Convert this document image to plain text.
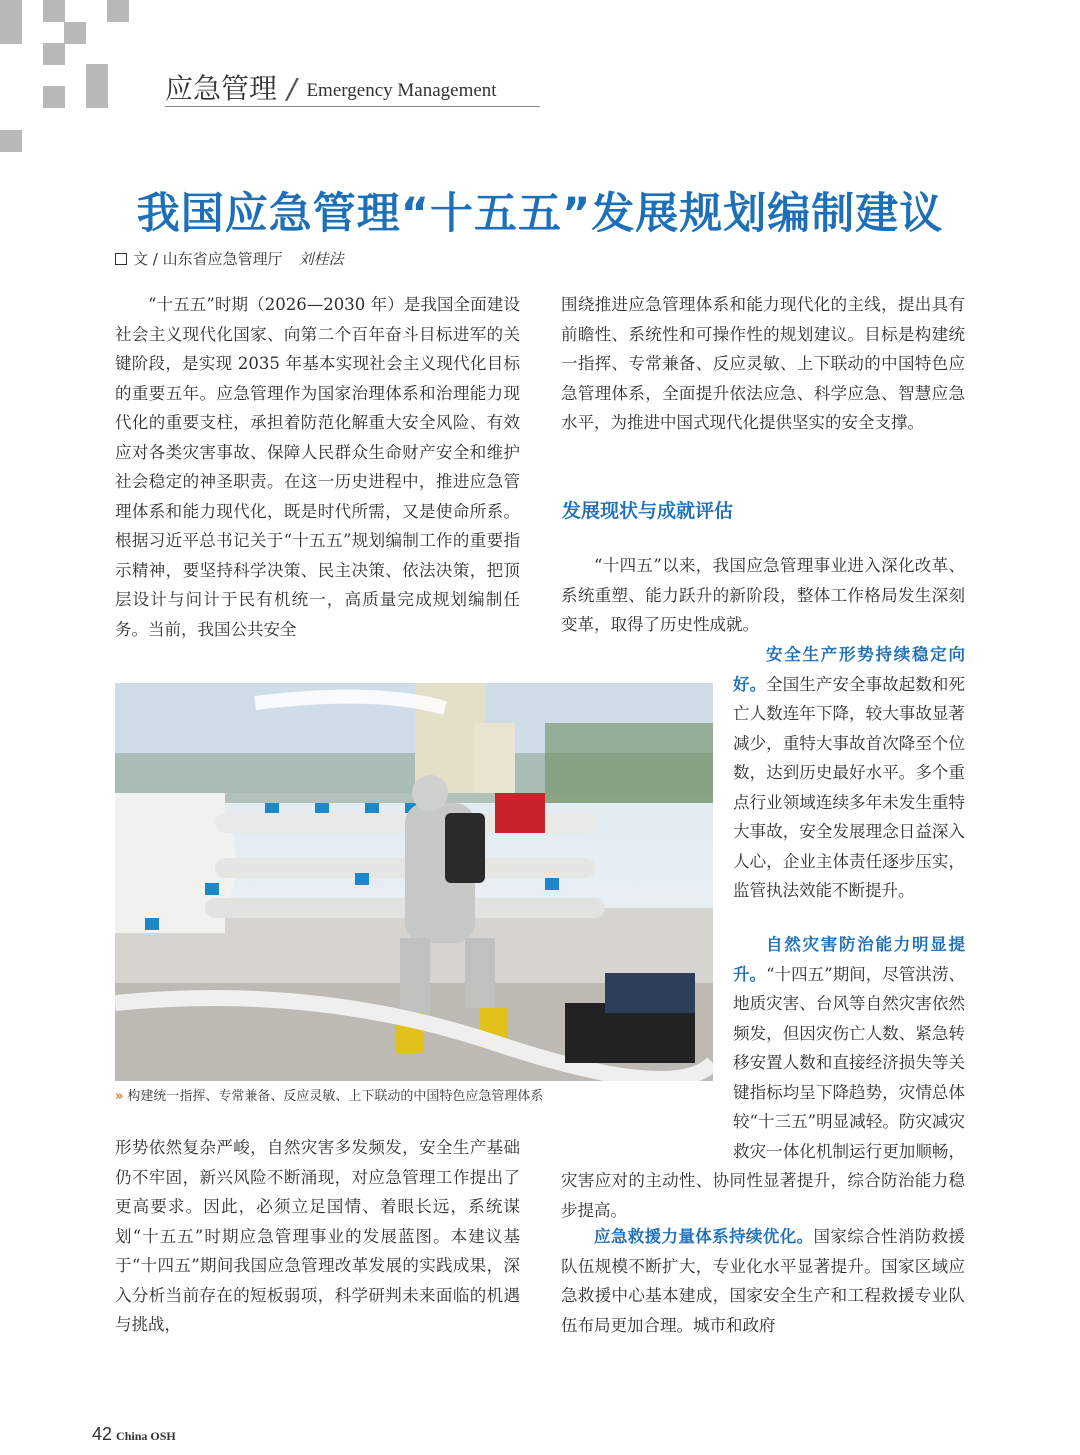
应急管理 / Emergency Management
我国应急管理“十五五”发展规划编制建议
文 / 山东省应急管理厅 刘桂法

“十五五”时期（2026—2030 年）是我国全面建设社会主义现代化国家、向第二个百年奋斗目标进军的关键阶段，是实现 2035 年基本实现社会主义现代化目标的重要五年。应急管理作为国家治理体系和治理能力现代化的重要支柱，承担着防范化解重大安全风险、有效应对各类灾害事故、保障人民群众生命财产安全和维护社会稳定的神圣职责。在这一历史进程中，推进应急管理体系和能力现代化，既是时代所需，又是使命所系。根据习近平总书记关于“十五五”规划编制工作的重要指示精神，要坚持科学决策、民主决策、依法决策，把顶层设计与问计于民有机统一，高质量完成规划编制任务。当前，我国公共安全

形势依然复杂严峻，自然灾害多发频发，安全生产基础仍不牢固，新兴风险不断涌现，对应急管理工作提出了更高要求。因此，必须立足国情、着眼长远，系统谋划“十五五”时期应急管理事业的发展蓝图。本建议基于“十四五”期间我国应急管理改革发展的实践成果，深入分析当前存在的短板弱项，科学研判未来面临的机遇与挑战，

围绕推进应急管理体系和能力现代化的主线，提出具有前瞻性、系统性和可操作性的规划建议。目标是构建统一指挥、专常兼备、反应灵敏、上下联动的中国特色应急管理体系，全面提升依法应急、科学应急、智慧应急水平，为推进中国式现代化提供坚实的安全支撑。

发展现状与成就评估

“十四五”以来，我国应急管理事业进入深化改革、系统重塑、能力跃升的新阶段，整体工作格局发生深刻变革，取得了历史性成就。

安全生产形势持续稳定向好。全国生产安全事故起数和死亡人数连年下降，较大事故显著减少，重特大事故首次降至个位数，达到历史最好水平。多个重点行业领域连续多年未发生重特大事故，安全发展理念日益深入人心，企业主体责任逐步压实，监管执法效能不断提升。
自然灾害防治能力明显提升。“十四五”期间，尽管洪涝、地质灾害、台风等自然灾害依然频发，但因灾伤亡人数、紧急转移安置人数和直接经济损失等关键指标均呈下降趋势，灾情总体较“十三五”明显减轻。防灾减灾救灾一体化机制运行更加顺畅，灾害应对的主动性、协同性显著提升，综合防治能力稳步提高。

应急救援力量体系持续优化。国家综合性消防救援队伍规模不断扩大，专业化水平显著提升。国家区域应急救援中心基本建成，国家安全生产和工程救援专业队伍布局更加合理。城市和政府

» 构建统一指挥、专常兼备、反应灵敏、上下联动的中国特色应急管理体系
42 China OSH
